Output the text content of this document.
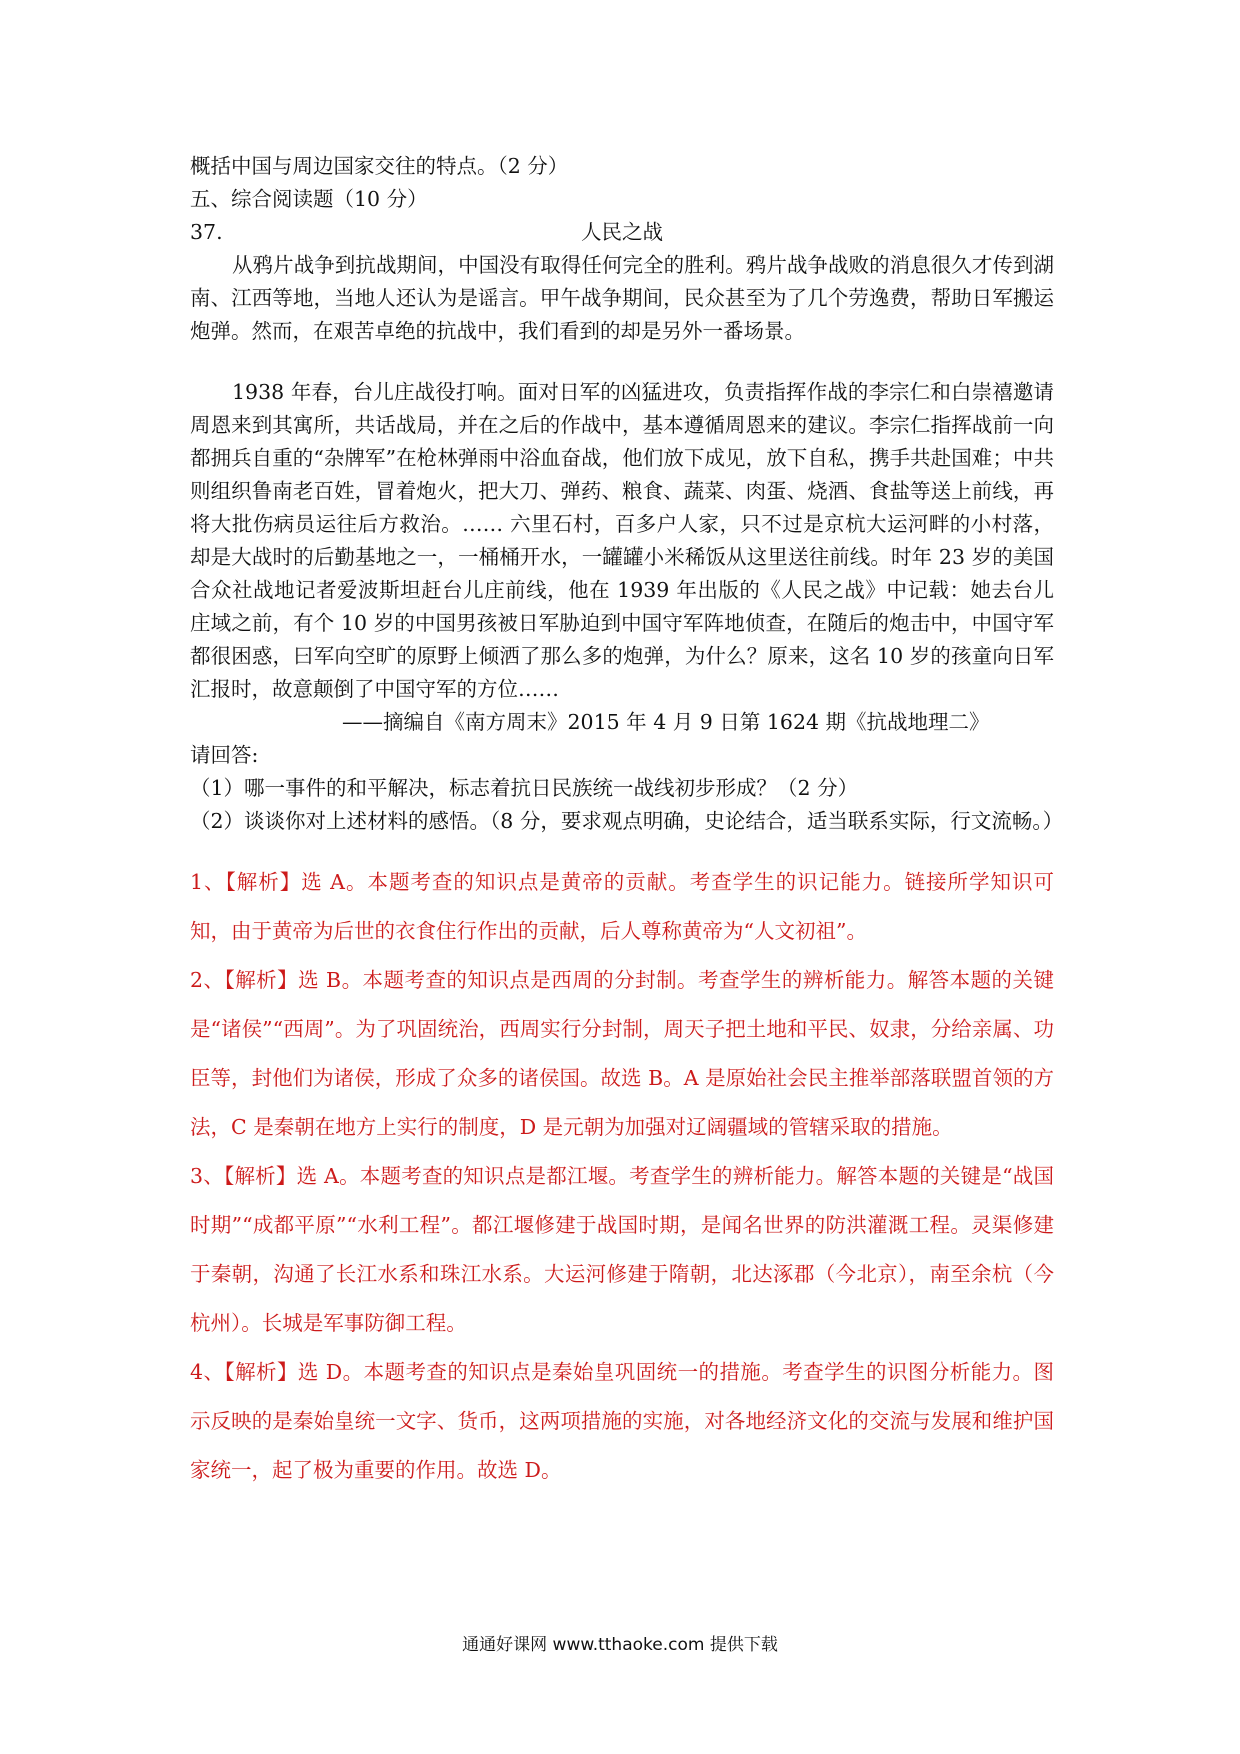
概括中国与周边国家交往的特点。（2 分）
五、综合阅读题（10 分）
37.	人民之战

从鸦片战争到抗战期间，中国没有取得任何完全的胜利。鸦片战争战败的消息很久才传到湖南、江西等地，当地人还认为是谣言。甲午战争期间，民众甚至为了几个劳逸费，帮助日军搬运炮弹。然而，在艰苦卓绝的抗战中，我们看到的却是另外一番场景。

1938 年春，台儿庄战役打响。面对日军的凶猛进攻，负责指挥作战的李宗仁和白崇禧邀请周恩来到其寓所，共话战局，并在之后的作战中，基本遵循周恩来的建议。李宗仁指挥战前一向都拥兵自重的“杂牌军”在枪林弹雨中浴血奋战，他们放下成见，放下自私，携手共赴国难；中共则组织鲁南老百姓，冒着炮火，把大刀、弹药、粮食、蔬菜、肉蛋、烧酒、食盐等送上前线，再将大批伤病员运往后方救治。…… 六里石村，百多户人家，只不过是京杭大运河畔的小村落，却是大战时的后勤基地之一，一桶桶开水，一罐罐小米稀饭从这里送往前线。时年 23 岁的美国合众社战地记者爱波斯坦赶台儿庄前线，他在 1939 年出版的《人民之战》中记载：她去台儿庄域之前，有个 10 岁的中国男孩被日军胁迫到中国守军阵地侦查，在随后的炮击中，中国守军都很困惑，曰军向空旷的原野上倾洒了那么多的炮弹，为什么？原来，这名 10 岁的孩童向日军汇报时，故意颠倒了中国守军的方位……

——摘编自《南方周末》2015 年 4 月 9 日第 1624 期《抗战地理二》

请回答:

（1）哪一事件的和平解决，标志着抗日民族统一战线初步形成？（2 分）

（2）谈谈你对上述材料的感悟。（8 分，要求观点明确，史论结合，适当联系实际，行文流畅。）

1、【解析】选 A。本题考查的知识点是黄帝的贡献。考查学生的识记能力。链接所学知识可知，由于黄帝为后世的衣食住行作出的贡献，后人尊称黄帝为“人文初祖”。

2、【解析】选 B。本题考查的知识点是西周的分封制。考查学生的辨析能力。解答本题的关键是“诸侯”“西周”。为了巩固统治，西周实行分封制，周天子把土地和平民、奴隶，分给亲属、功臣等，封他们为诸侯，形成了众多的诸侯国。故选 B。A 是原始社会民主推举部落联盟首领的方法，C 是秦朝在地方上实行的制度，D 是元朝为加强对辽阔疆域的管辖采取的措施。

3、【解析】选 A。本题考查的知识点是都江堰。考查学生的辨析能力。解答本题的关键是“战国时期”“成都平原”“水利工程”。都江堰修建于战国时期，是闻名世界的防洪灌溉工程。灵渠修建于秦朝，沟通了长江水系和珠江水系。大运河修建于隋朝，北达涿郡（今北京），南至余杭（今杭州）。长城是军事防御工程。

4、【解析】选 D。本题考查的知识点是秦始皇巩固统一的措施。考查学生的识图分析能力。图示反映的是秦始皇统一文字、货币，这两项措施的实施，对各地经济文化的交流与发展和维护国家统一，起了极为重要的作用。故选 D。

通通好课网 www.tthaoke.com 提供下载
